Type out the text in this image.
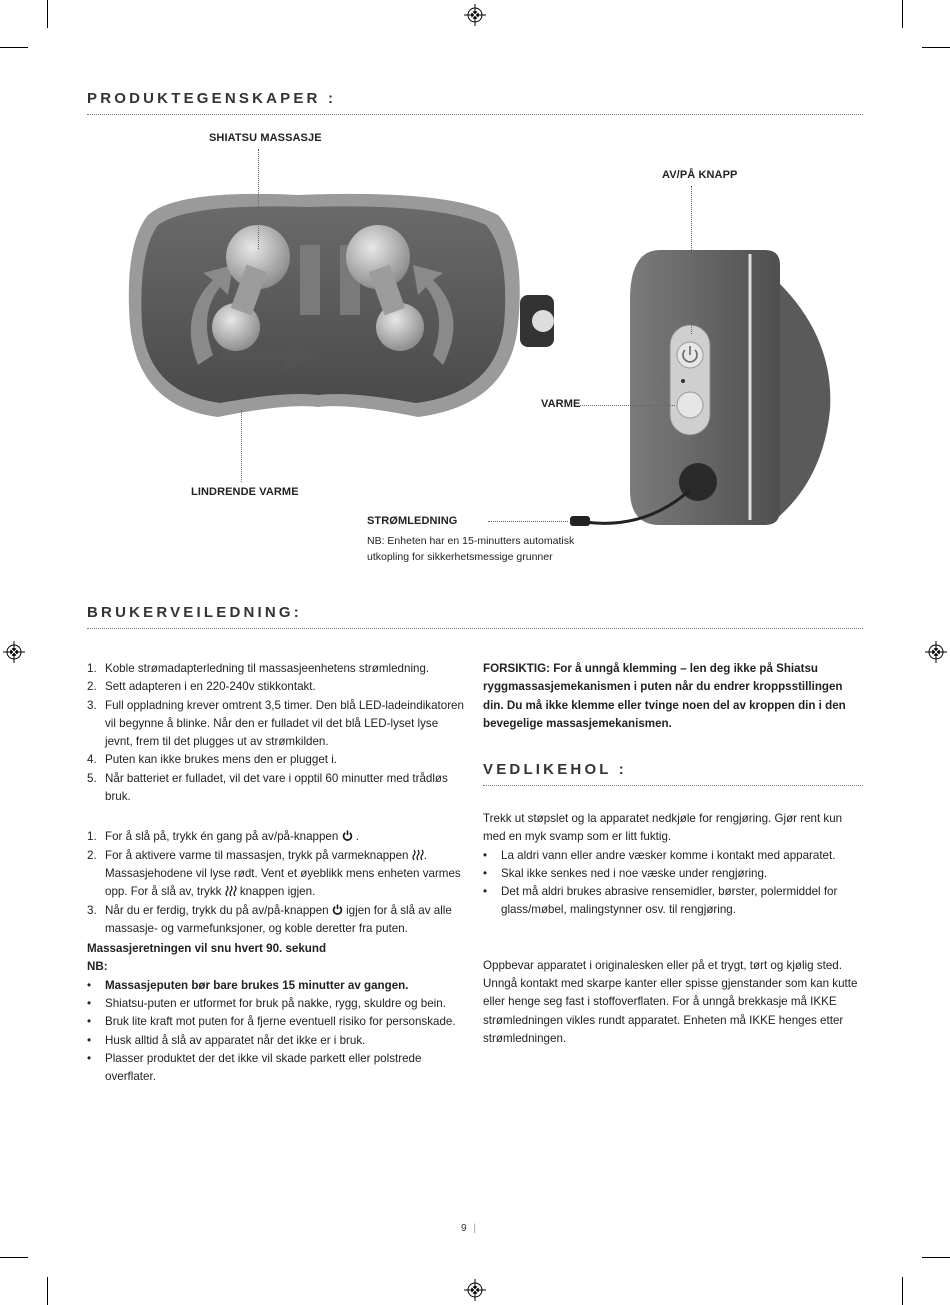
PRODUKTEGENSKAPER :
SHIATSU MASSASJE
AV/PÅ KNAPP
VARME
LINDRENDE VARME
STRØMLEDNING
NB: Enheten har en 15-minutters automatisk
utkopling for sikkerhetsmessige grunner
BRUKERVEILEDNING:
1. Koble strømadapterledning til massasjeenhetens strømledning.
2. Sett adapteren i en 220-240v stikkontakt.
3. Full oppladning krever omtrent 3,5 timer. Den blå LED-ladeindikatoren vil begynne å blinke. Når den er fulladet vil det blå LED-lyset lyse jevnt, frem til det plugges ut av strømkilden.
4. Puten kan ikke brukes mens den er plugget i.
5. Når batteriet er fulladet, vil det vare i opptil 60 minutter med trådløs bruk.
1. For å slå på, trykk én gang på av/på-knappen  .
2. For å aktivere varme til massasjen, trykk på varmeknappen . Massasjehodene vil lyse rødt. Vent et øyeblikk mens enheten varmes opp. For å slå av, trykk  knappen igjen.
3. Når du er ferdig, trykk du på av/på-knappen  igjen for å slå av alle massasje- og varmefunksjoner, og koble deretter fra puten.
Massasjeretningen vil snu hvert 90. sekund
NB:
• Massasjeputen bør bare brukes 15 minutter av gangen.
• Shiatsu-puten er utformet for bruk på nakke, rygg, skuldre og bein.
• Bruk lite kraft mot puten for å fjerne eventuell risiko for personskade.
• Husk alltid å slå av apparatet når det ikke er i bruk.
• Plasser produktet der det ikke vil skade parkett eller polstrede overflater.
FORSIKTIG: For å unngå klemming – len deg ikke på Shiatsu ryggmassasjemekanismen i puten når du endrer kroppsstillingen din. Du må ikke klemme eller tvinge noen del av kroppen din i den bevegelige massasjemekanismen.
VEDLIKEHOL :
Trekk ut støpslet og la apparatet nedkjøle for rengjøring. Gjør rent kun med en myk svamp som er litt fuktig.
• La aldri vann eller andre væsker komme i kontakt med apparatet.
• Skal ikke senkes ned i noe væske under rengjøring.
• Det må aldri brukes abrasive rensemidler, børster, polermiddel for glass/møbel, malingstynner osv. til rengjøring.
Oppbevar apparatet i originalesken eller på et trygt, tørt og kjølig sted. Unngå kontakt med skarpe kanter eller spisse gjenstander som kan kutte eller henge seg fast i stoffoverflaten. For å unngå brekkasje må IKKE strømledningen vikles rundt apparatet. Enheten må IKKE henges etter strømledningen.
9 |
